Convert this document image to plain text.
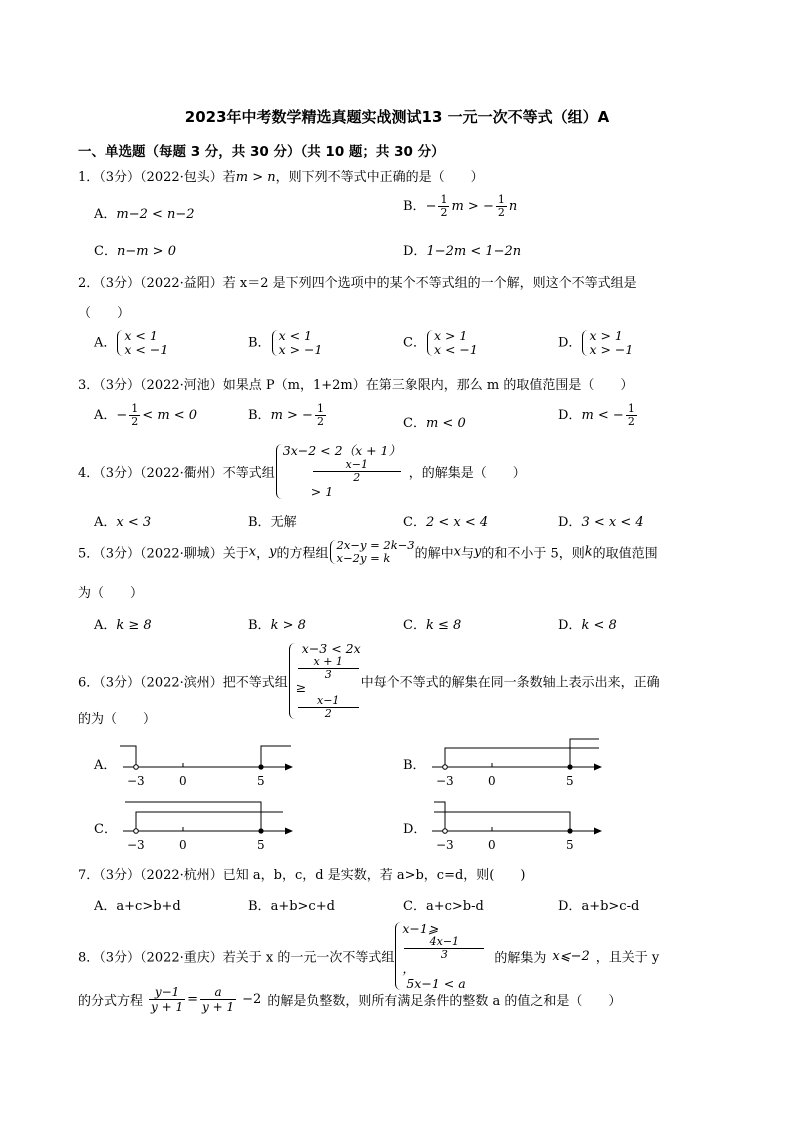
2023年中考数学精选真题实战测试13 一元一次不等式（组）A
一、单选题（每题 3 分，共 30 分）（共 10 题；共 30 分）
1．（3分）（2022·包头）若m > n，则下列不等式中正确的是（　　）
A．m−2 < n−2
B．− $\frac{1}{2}$ m > − $\frac{1}{2}$ n
C．n−m > 0	D．1−2m < 1−2n
2．（3分）（2022·益阳）若 x＝2 是下列四个选项中的某个不等式组的一个解，则这个不等式组是
（　　）
A． x < 1
x < −1	B． x < 1
x > −1	C． x > 1
x < −1	D． x > 1
x > −1
3．（3分）（2022·河池）如果点 P（m，1+2m）在第三象限内，那么 m 的取值范围是（　　）
A．− $\frac{1}{2} < m < 0$	B．m > − $\frac{1}{2}$	C．m < 0
D．m < − $\frac{1}{2}$
4．（3分）（2022·衢州）不等式组
3x−2 < 2（x + 1）
x−1
2
> 1
，的解集是（　　）
A．x < 3	B．无解	C．2 < x < 4	D．3 < x < 4
5．（3分）（2022·聊城）关于x，y的方程组
2x−y = 2k−3
x−2y = k	的解中x与y的和不小于 5，则k的取值范围
为（　　）
A．k ≥ 8	B．k > 8	C．k ≤ 8	D．k < 8
6．（3分）（2022·滨州）把不等式组
x−3 < 2x
x + 1
3
≥
x−1
2
中每个不等式的解集在同一条数轴上表示出来，正确
的为（　　）
A．
−3	0	5
B．
−3	0	5
C．
−3	0	5
D．
−3	0	5
7．（3分）（2022·杭州）已知 a，b，c，d 是实数，若 a>b，c=d，则(　　)
A．a+c>b+d	B．a+b>c+d	C．a+c>b-d	D．a+b>c-d
8．（3分）（2022·重庆）若关于 x 的一元一次不等式组
x−1⩾
4x−1
3
，
5x−1 < a
的解集为 x⩽−2 ，且关于 y
的分式方程 $\frac{y-1}{y + 1} = \frac{a}{y + 1} -2$ 的解是负整数，则所有满足条件的整数 a 的值之和是（　　）
